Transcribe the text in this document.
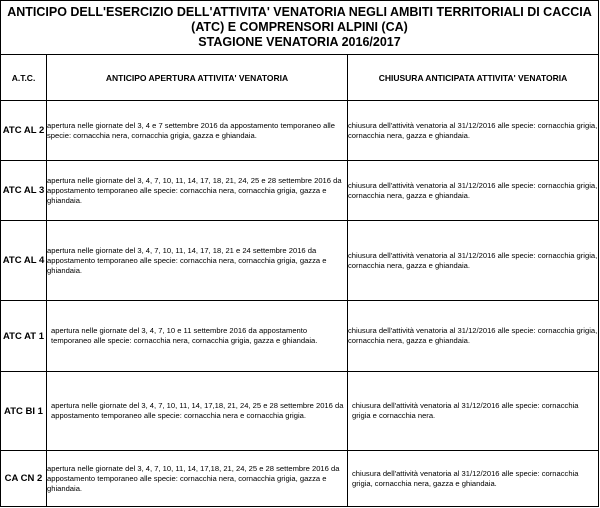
ANTICIPO DELL'ESERCIZIO DELL'ATTIVITA' VENATORIA NEGLI AMBITI TERRITORIALI DI CACCIA
(ATC) E COMPRENSORI ALPINI (CA)
STAGIONE VENATORIA 2016/2017		

A.T.C.	ANTICIPO APERTURA ATTIVITA' VENATORIA	CHIUSURA ANTICIPATA ATTIVITA' VENATORIA
ATC AL 2	apertura nelle giornate del 3, 4 e 7 settembre 2016 da appostamento temporaneo alle specie: cornacchia nera, cornacchia grigia, gazza e ghiandaia.	chiusura dell'attività venatoria al 31/12/2016 alle specie: cornacchia grigia, cornacchia nera, gazza e ghiandaia.
ATC AL 3	apertura nelle giornate del 3, 4, 7, 10, 11, 14, 17, 18, 21, 24, 25 e 28 settembre 2016 da appostamento temporaneo alle specie: cornacchia nera, cornacchia grigia, gazza e ghiandaia.	chiusura dell'attività venatoria al 31/12/2016 alle specie: cornacchia grigia, cornacchia nera, gazza e ghiandaia.
ATC AL 4	apertura nelle giornate del 3, 4, 7, 10, 11, 14, 17, 18, 21 e 24 settembre 2016 da appostamento temporaneo alle specie: cornacchia nera, cornacchia grigia, gazza e ghiandaia.	chiusura dell'attività venatoria al 31/12/2016 alle specie: cornacchia grigia, cornacchia nera, gazza e ghiandaia.
ATC AT 1	apertura nelle giornate del 3, 4, 7, 10 e 11 settembre 2016 da appostamento temporaneo alle specie: cornacchia nera, cornacchia grigia, gazza e ghiandaia.	chiusura dell'attività venatoria al 31/12/2016 alle specie: cornacchia grigia, cornacchia nera, gazza e ghiandaia.
ATC BI 1	apertura nelle giornate del 3, 4, 7, 10, 11, 14, 17,18, 21, 24, 25 e 28 settembre 2016 da appostamento temporaneo alle specie: cornacchia nera e cornacchia grigia.	chiusura dell'attività venatoria al 31/12/2016 alle specie: cornacchia grigia e cornacchia nera.
CA CN 2	apertura nelle giornate del 3, 4, 7, 10, 11, 14, 17,18, 21, 24, 25 e 28 settembre 2016 da appostamento temporaneo alle specie: cornacchia nera, cornacchia grigia, gazza e ghiandaia.	chiusura dell'attività venatoria al 31/12/2016 alle specie: cornacchia grigia, cornacchia nera, gazza e ghiandaia.
